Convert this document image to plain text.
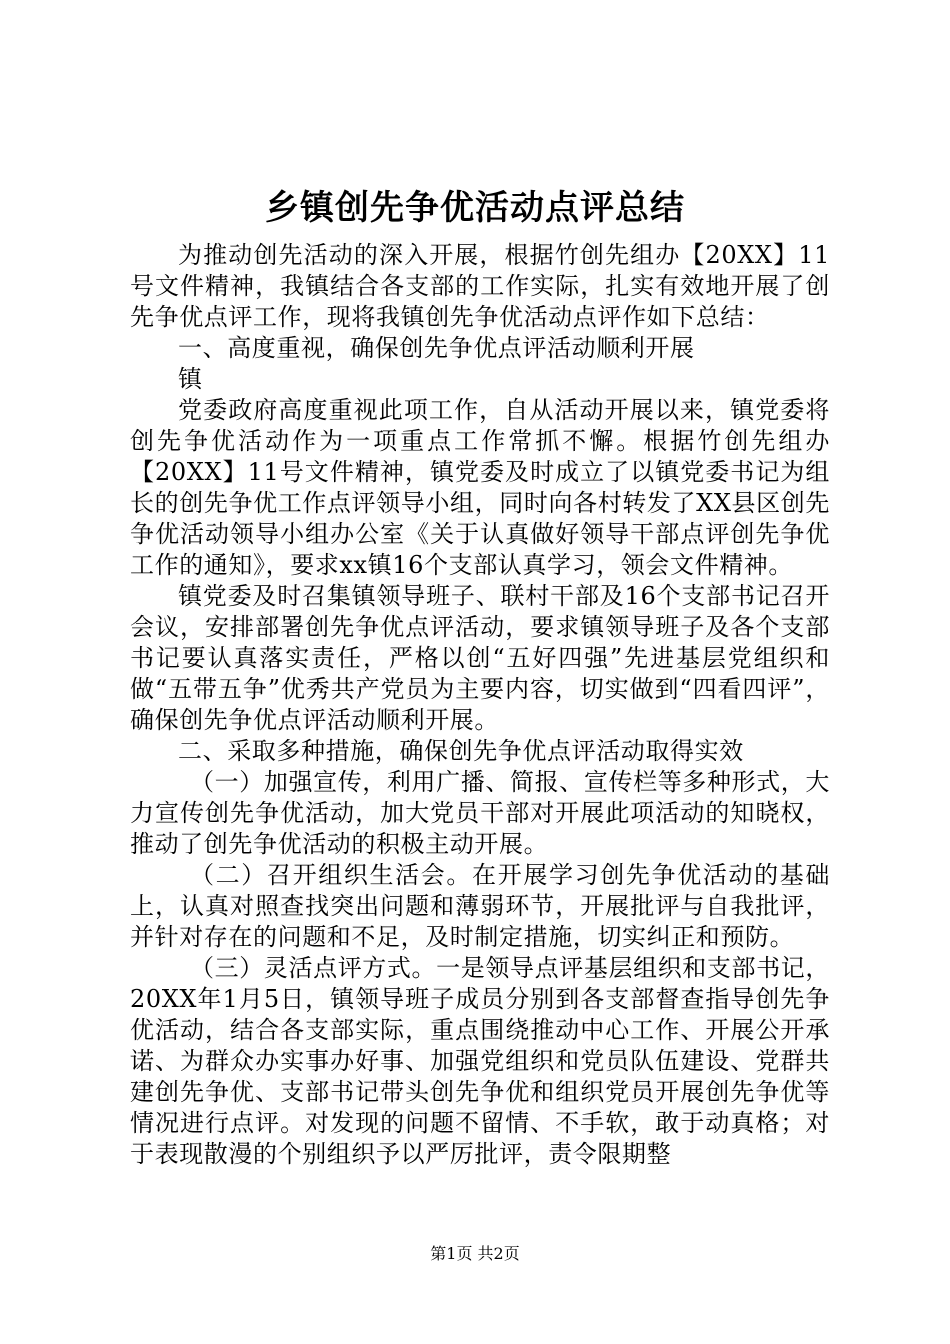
乡镇创先争优活动点评总结

为推动创先活动的深入开展，根据竹创先组办【20XX】11号文件精神，我镇结合各支部的工作实际，扎实有效地开展了创先争优点评工作，现将我镇创先争优活动点评作如下总结：

一、高度重视，确保创先争优点评活动顺利开展

镇

党委政府高度重视此项工作，自从活动开展以来，镇党委将创先争优活动作为一项重点工作常抓不懈。根据竹创先组办【20XX】11号文件精神，镇党委及时成立了以镇党委书记为组长的创先争优工作点评领导小组，同时向各村转发了XX县区创先争优活动领导小组办公室《关于认真做好领导干部点评创先争优工作的通知》，要求xx镇16个支部认真学习，领会文件精神。

镇党委及时召集镇领导班子、联村干部及16个支部书记召开会议，安排部署创先争优点评活动，要求镇领导班子及各个支部书记要认真落实责任，严格以创“五好四强”先进基层党组织和做“五带五争”优秀共产党员为主要内容，切实做到“四看四评”，确保创先争优点评活动顺利开展。

二、采取多种措施，确保创先争优点评活动取得实效

（一）加强宣传，利用广播、简报、宣传栏等多种形式，大力宣传创先争优活动，加大党员干部对开展此项活动的知晓权，推动了创先争优活动的积极主动开展。

（二）召开组织生活会。在开展学习创先争优活动的基础上，认真对照查找突出问题和薄弱环节，开展批评与自我批评，并针对存在的问题和不足，及时制定措施，切实纠正和预防。

（三）灵活点评方式。一是领导点评基层组织和支部书记，20XX年1月5日，镇领导班子成员分别到各支部督查指导创先争优活动，结合各支部实际，重点围绕推动中心工作、开展公开承诺、为群众办实事办好事、加强党组织和党员队伍建设、党群共建创先争优、支部书记带头创先争优和组织党员开展创先争优等情况进行点评。对发现的问题不留情、不手软，敢于动真格；对于表现散漫的个别组织予以严厉批评，责令限期整

第1页 共2页
